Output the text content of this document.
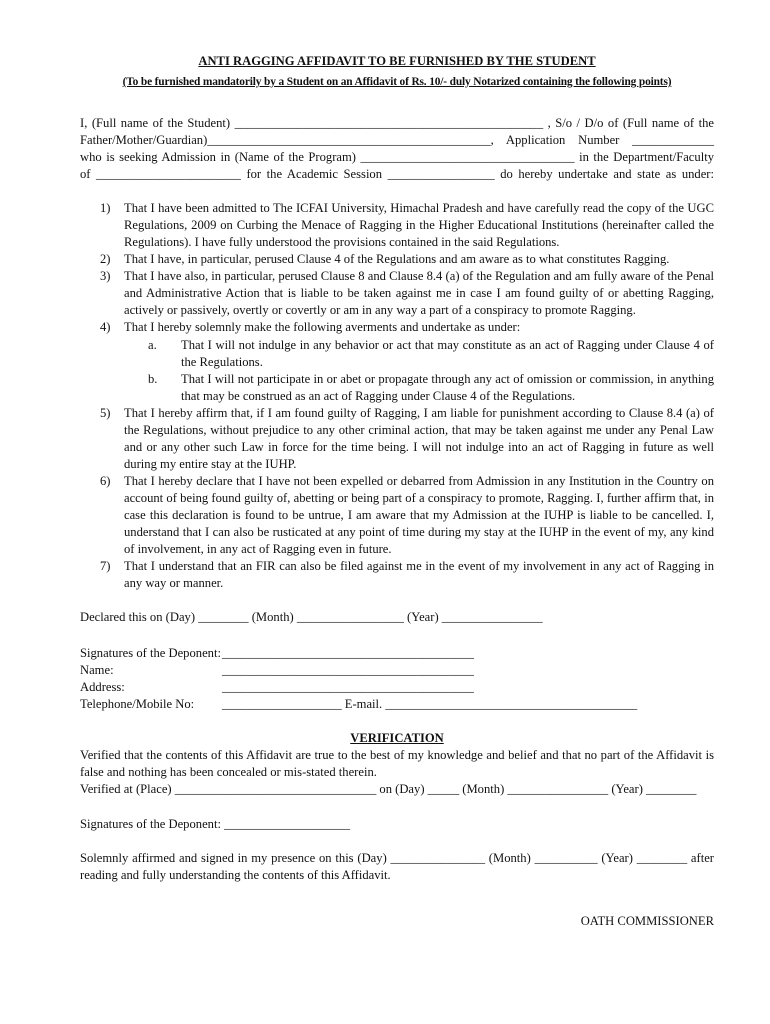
ANTI RAGGING AFFIDAVIT TO BE FURNISHED BY THE STUDENT
(To be furnished mandatorily by a Student on an Affidavit of Rs. 10/- duly Notarized containing the following points)
I, (Full name of the Student) _________________________________________________ , S/o / D/o of (Full name of the
Father/Mother/Guardian)_____________________________________________, Application Number _____________
who is seeking Admission in (Name of the Program) __________________________________ in the Department/Faculty
of _______________________ for the Academic Session _________________ do hereby undertake and state as under:
1) That I have been admitted to The ICFAI University, Himachal Pradesh and have carefully read the copy of the UGC
Regulations, 2009 on Curbing the Menace of Ragging in the Higher Educational Institutions (hereinafter called the
Regulations). I have fully understood the provisions contained in the said Regulations.
2) That I have, in particular, perused Clause 4 of the Regulations and am aware as to what constitutes Ragging.
3) That I have also, in particular, perused Clause 8 and Clause 8.4 (a) of the Regulation and am fully aware of the Penal
and Administrative Action that is liable to be taken against me in case I am found guilty of or abetting Ragging,
actively or passively, overtly or covertly or am in any way a part of a conspiracy to promote Ragging.
4) That I hereby solemnly make the following averments and undertake as under:
a. That I will not indulge in any behavior or act that may constitute as an act of Ragging under Clause 4 of
the Regulations.
b. That I will not participate in or abet or propagate through any act of omission or commission, in anything
that may be construed as an act of Ragging under Clause 4 of the Regulations.
5) That I hereby affirm that, if I am found guilty of Ragging, I am liable for punishment according to Clause 8.4 (a) of
the Regulations, without prejudice to any other criminal action, that may be taken against me under any Penal Law
and or any other such Law in force for the time being. I will not indulge into an act of Ragging in future as well
during my entire stay at the IUHP.
6) That I hereby declare that I have not been expelled or debarred from Admission in any Institution in the Country on
account of being found guilty of, abetting or being part of a conspiracy to promote, Ragging. I, further affirm that, in
case this declaration is found to be untrue, I am aware that my Admission at the IUHP is liable to be cancelled. I,
understand that I can also be rusticated at any point of time during my stay at the IUHP in the event of my, any kind
of involvement, in any act of Ragging even in future.
7) That I understand that an FIR can also be filed against me in the event of my involvement in any act of Ragging in
any way or manner.
Declared this on (Day) ________ (Month) _________________ (Year) ________________
Signatures of the Deponent: ________________________________________
Name:	________________________________________
Address:	________________________________________
Telephone/Mobile No: ___________________ E-mail. ________________________________________
VERIFICATION
Verified that the contents of this Affidavit are true to the best of my knowledge and belief and that no part of the Affidavit is
false and nothing has been concealed or mis-stated therein.
Verified at (Place) ________________________________ on (Day) _____ (Month) ________________ (Year) ________
Signatures of the Deponent: ____________________
Solemnly affirmed and signed in my presence on this (Day) _______________ (Month) __________ (Year) ________ after
reading and fully understanding the contents of this Affidavit.
OATH COMMISSIONER
